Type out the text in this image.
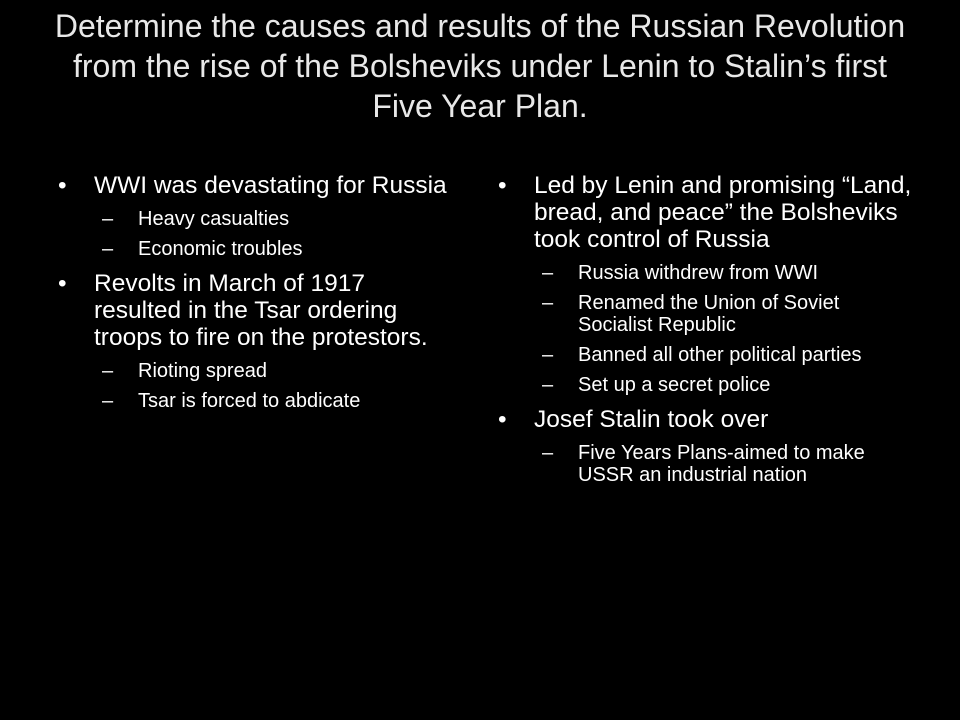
Determine the causes and results of the Russian Revolution from the rise of the Bolsheviks under Lenin to Stalin’s first Five Year Plan.
• WWI was devastating for Russia
– Heavy casualties
– Economic troubles
• Revolts in March of 1917 resulted in the Tsar ordering troops to fire on the protestors.
– Rioting spread
– Tsar is forced to abdicate
• Led by Lenin and promising “Land, bread, and peace” the Bolsheviks took control of Russia
– Russia withdrew from WWI
– Renamed the Union of Soviet Socialist Republic
– Banned all other political parties
– Set up a secret police
• Josef Stalin took over
– Five Years Plans-aimed to make USSR an industrial nation
